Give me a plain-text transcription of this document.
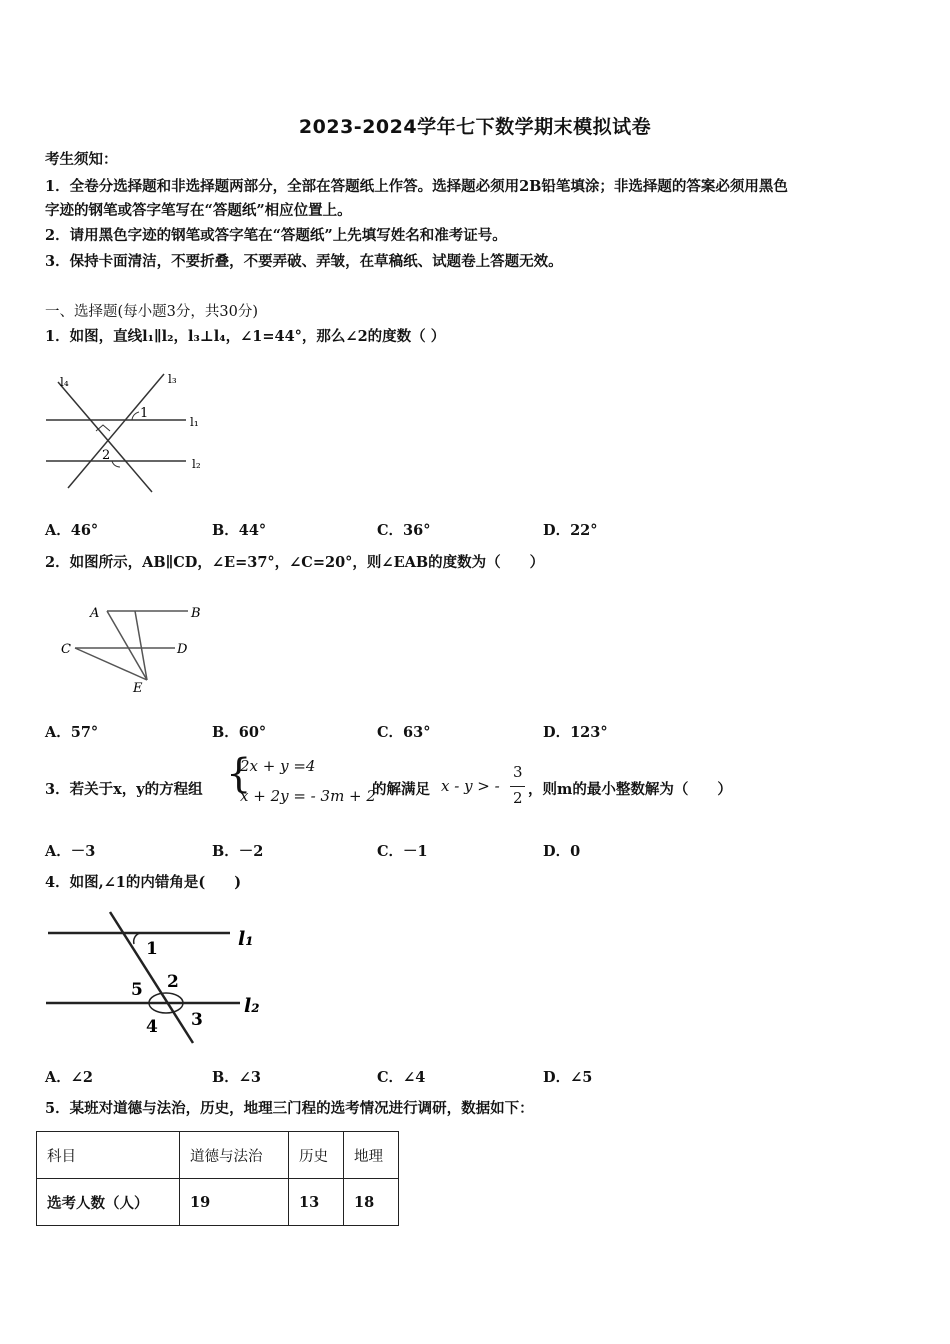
2023-2024学年七下数学期末模拟试卷
考生须知：
1．全卷分选择题和非选择题两部分，全部在答题纸上作答。选择题必须用2B铅笔填涂；非选择题的答案必须用黑色
字迹的钢笔或答字笔写在“答题纸”相应位置上。
2．请用黑色字迹的钢笔或答字笔在“答题纸”上先填写姓名和准考证号。
3．保持卡面清洁，不要折叠，不要弄破、弄皱，在草稿纸、试题卷上答题无效。
一、选择题(每小题3分，共30分)
1．如图，直线l₁∥l₂，l₃⊥l₄，∠1=44°，那么∠2的度数（ ）
l₄	l₃
l₁
l₂
1
2
A．46°	B．44°	C．36°	D．22°
2．如图所示，AB∥CD，∠E=37°，∠C=20°，则∠EAB的度数为（　　）
A	B
C	D
E
A．57°	B．60°	C．63°	D．123°
3．若关于x，y的方程组 {
2x + y =4
x + 2y = - 3m + 2
的解满足 x - y > -
3
2 ，则m的最小整数解为（　　）
A．－3	B．－2	C．－1	D．0
4．如图,∠1的内错角是(　　)
l₁
l₂
1
2
5
4 3
A．∠2	B．∠3	C．∠4	D．∠5
5．某班对道德与法治，历史，地理三门程的选考情况进行调研，数据如下：
科目	道德与法治	历史	地理
选考人数（人）	19	13	18
